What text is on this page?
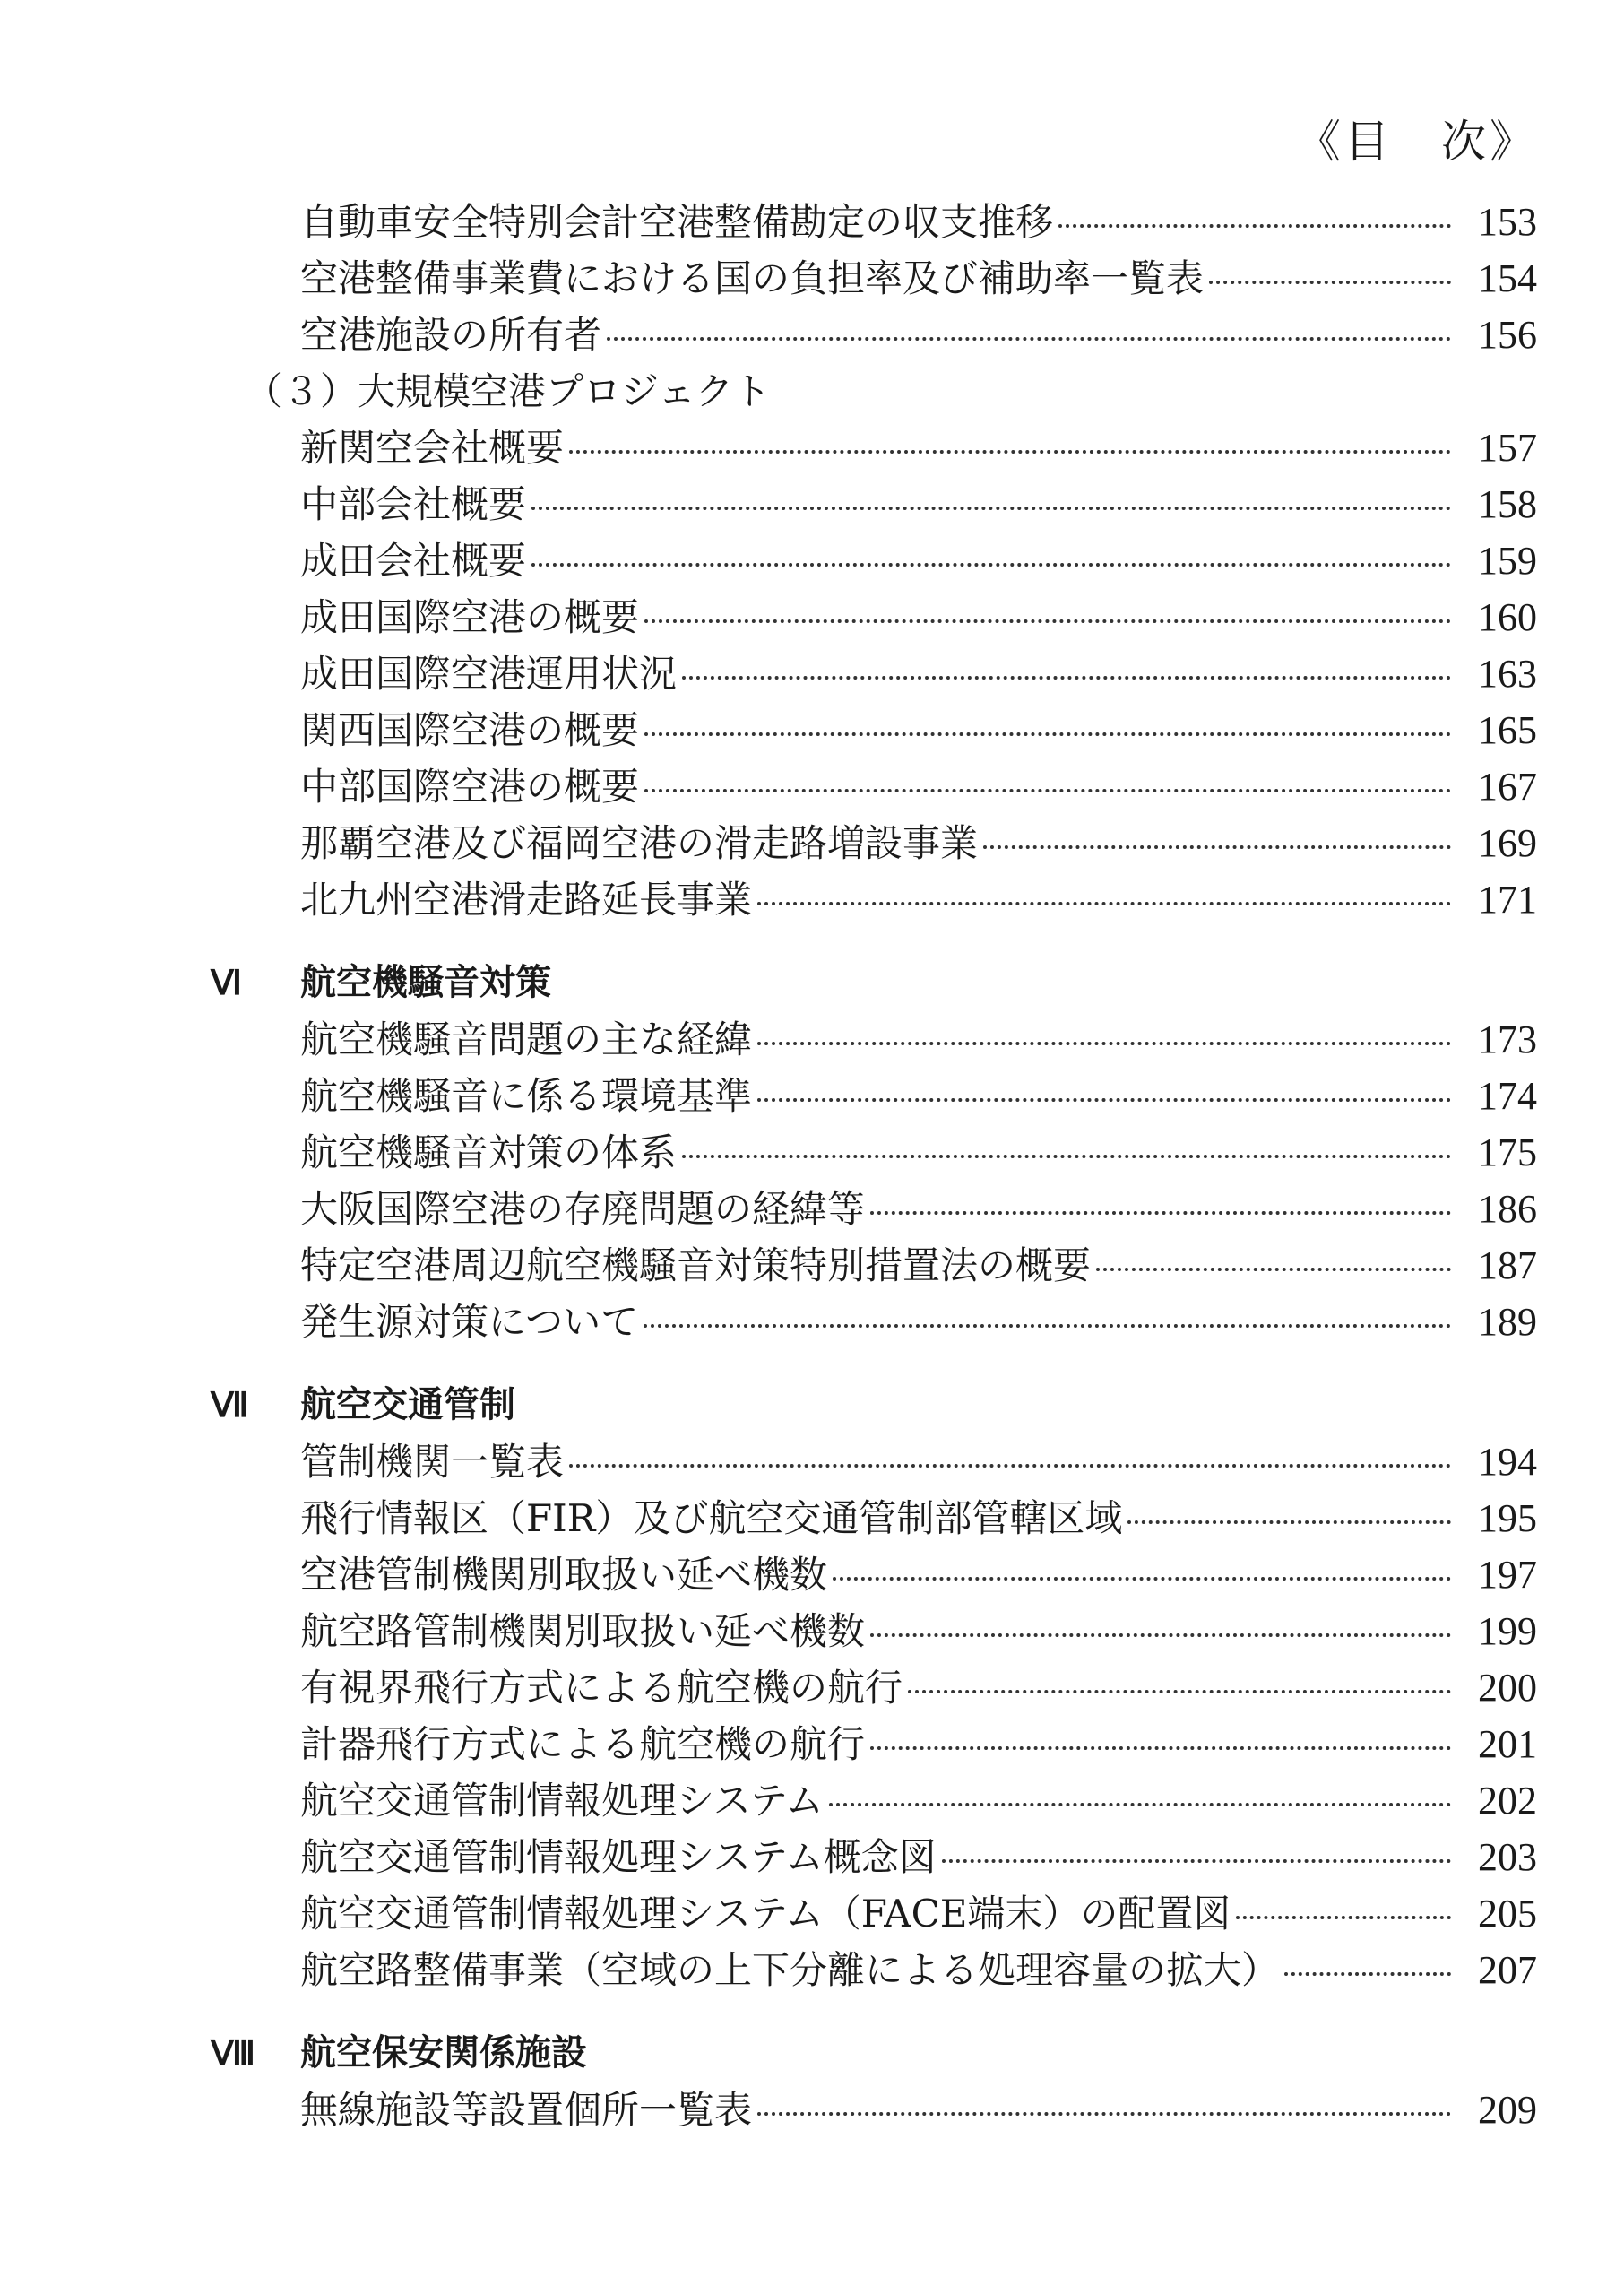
《目　次》
自動車安全特別会計空港整備勘定の収支推移	153
空港整備事業費における国の負担率及び補助率一覧表	154
空港施設の所有者	156
（３）大規模空港プロジェクト
新関空会社概要	157
中部会社概要	158
成田会社概要	159
成田国際空港の概要	160
成田国際空港運用状況	163
関西国際空港の概要	165
中部国際空港の概要	167
那覇空港及び福岡空港の滑走路増設事業	169
北九州空港滑走路延長事業	171
Ⅵ	航空機騒音対策
航空機騒音問題の主な経緯	173
航空機騒音に係る環境基準	174
航空機騒音対策の体系	175
大阪国際空港の存廃問題の経緯等	186
特定空港周辺航空機騒音対策特別措置法の概要	187
発生源対策について	189
Ⅶ	航空交通管制
管制機関一覧表	194
飛行情報区（FIR）及び航空交通管制部管轄区域	195
空港管制機関別取扱い延べ機数	197
航空路管制機関別取扱い延べ機数	199
有視界飛行方式による航空機の航行	200
計器飛行方式による航空機の航行	201
航空交通管制情報処理システム	202
航空交通管制情報処理システム概念図	203
航空交通管制情報処理システム（FACE端末）の配置図	205
航空路整備事業（空域の上下分離による処理容量の拡大）	207
Ⅷ	航空保安関係施設
無線施設等設置個所一覧表	209
